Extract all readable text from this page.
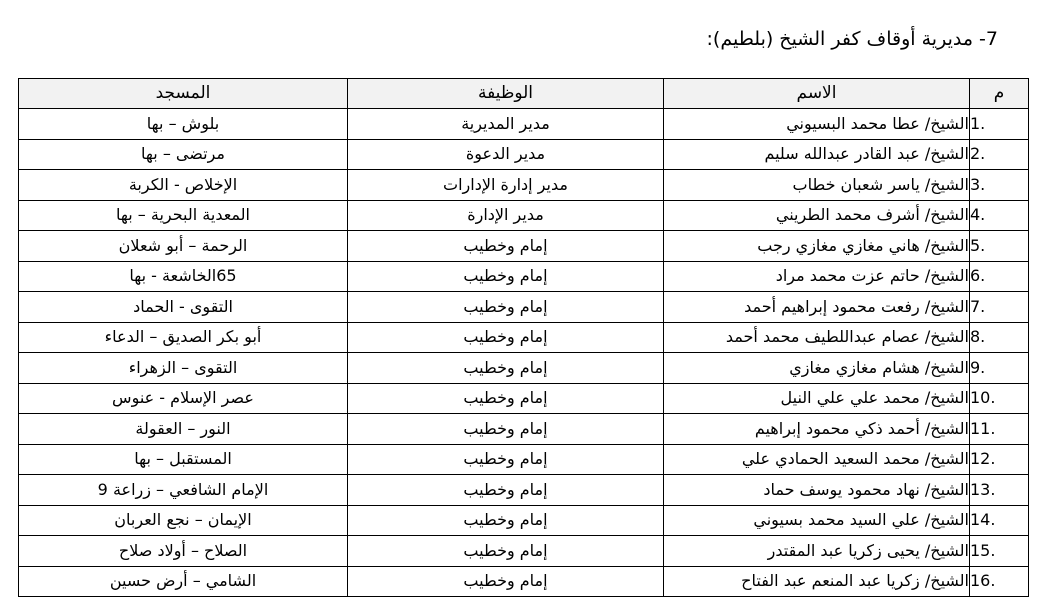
7- مديرية أوقاف كفر الشيخ (بلطيم):
م	الاسم	الوظيفة	المسجد
1.	الشيخ/ عطا محمد البسيوني	مدير المديرية	بلوش – بها
2.	الشيخ/ عبد القادر عبدالله سليم	مدير الدعوة	مرتضى – بها
3.	الشيخ/ ياسر شعبان خطاب	مدير إدارة الإدارات	الإخلاص - الكربة
4.	الشيخ/ أشرف محمد الطريني	مدير الإدارة	المعدية البحرية – بها
5.	الشيخ/ هاني مغازي مغازي رجب	إمام وخطيب	الرحمة – أبو شعلان
6.	الشيخ/ حاتم عزت محمد مراد	إمام وخطيب	65الخاشعة - بها
7.	الشيخ/ رفعت محمود إبراهيم أحمد	إمام وخطيب	التقوى - الحماد
8.	الشيخ/ عصام عبداللطيف محمد أحمد	إمام وخطيب	أبو بكر الصديق – الدعاء
9.	الشيخ/ هشام مغازي مغازي	إمام وخطيب	التقوى – الزهراء
10.	الشيخ/ محمد علي علي النيل	إمام وخطيب	عصر الإسلام - عنوس
11.	الشيخ/ أحمد ذكي محمود إبراهيم	إمام وخطيب	النور – العقولة
12.	الشيخ/ محمد السعيد الحمادي علي	إمام وخطيب	المستقبل – بها
13.	الشيخ/ نهاد محمود يوسف حماد	إمام وخطيب	الإمام الشافعي – زراعة 9
14.	الشيخ/ علي السيد محمد بسيوني	إمام وخطيب	الإيمان – نجع العربان
15.	الشيخ/ يحيى زكريا عبد المقتدر	إمام وخطيب	الصلاح – أولاد صلاح
16.	الشيخ/ زكريا عبد المنعم عبد الفتاح	إمام وخطيب	الشامي – أرض حسين
